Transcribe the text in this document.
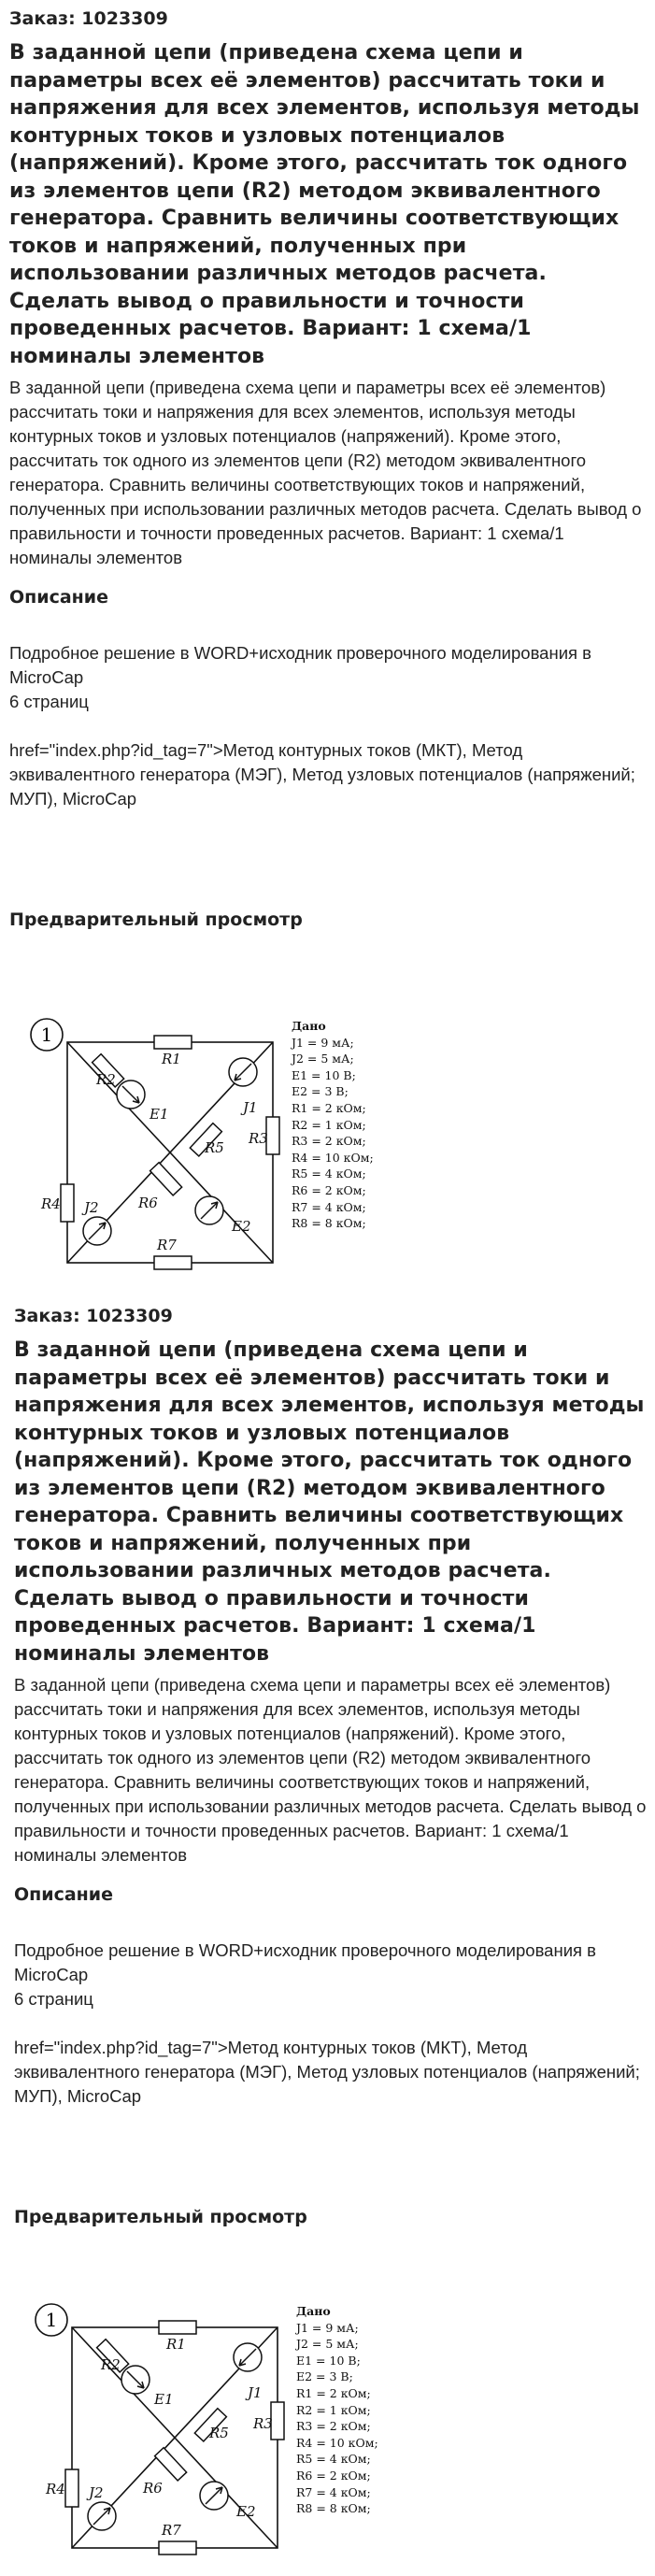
Заказ: 1023309
В заданной цепи (приведена схема цепи и параметры всех её элементов) рассчитать токи и напряжения для всех элементов, используя методы контурных токов и узловых потенциалов (напряжений). Кроме этого, рассчитать ток одного из элементов цепи (R2) методом эквивалентного генератора. Сравнить величины соответствующих токов и напряжений, полученных при использовании различных методов расчета. Сделать вывод о правильности и точности проведенных расчетов. Вариант: 1 схема/1 номиналы элементов
В заданной цепи (приведена схема цепи и параметры всех её элементов) рассчитать токи и напряжения для всех элементов, используя методы контурных токов и узловых потенциалов (напряжений). Кроме этого, рассчитать ток одного из элементов цепи (R2) методом эквивалентного генератора. Сравнить величины соответствующих токов и напряжений, полученных при использовании различных методов расчета. Сделать вывод о правильности и точности проведенных расчетов. Вариант: 1 схема/1 номиналы элементов
Описание
Подробное решение в WORD+исходник проверочного моделирования в MicroCap
6 страниц
href="index.php?id_tag=7">Метод контурных токов (МКТ), Метод эквивалентного генератора (МЭГ), Метод узловых потенциалов (напряжений; МУП), MicroCap
Предварительный просмотр
1
R2
R1
E1	J1
R4
R5
R3
J2	R6
E2
R7
Дано
J1 = 9 мА;
J2 = 5 мА;
E1 = 10 В;
E2 = 3 В;
R1 = 2 кОм;
R2 = 1 кОм;
R3 = 2 кОм;
R4 = 10 кОм;
R5 = 4 кОм;
R6 = 2 кОм;
R7 = 4 кОм;
R8 = 8 кОм;
Заказ: 1023309
В заданной цепи (приведена схема цепи и параметры всех её элементов) рассчитать токи и напряжения для всех элементов, используя методы контурных токов и узловых потенциалов (напряжений). Кроме этого, рассчитать ток одного из элементов цепи (R2) методом эквивалентного генератора. Сравнить величины соответствующих токов и напряжений, полученных при использовании различных методов расчета. Сделать вывод о правильности и точности проведенных расчетов. Вариант: 1 схема/1 номиналы элементов
В заданной цепи (приведена схема цепи и параметры всех её элементов) рассчитать токи и напряжения для всех элементов, используя методы контурных токов и узловых потенциалов (напряжений). Кроме этого, рассчитать ток одного из элементов цепи (R2) методом эквивалентного генератора. Сравнить величины соответствующих токов и напряжений, полученных при использовании различных методов расчета. Сделать вывод о правильности и точности проведенных расчетов. Вариант: 1 схема/1 номиналы элементов
Описание
Подробное решение в WORD+исходник проверочного моделирования в MicroCap
6 страниц
href="index.php?id_tag=7">Метод контурных токов (МКТ), Метод эквивалентного генератора (МЭГ), Метод узловых потенциалов (напряжений; МУП), MicroCap
Предварительный просмотр
1
R2
R1
E1	J1
R4
R5
R3
J2	R6
E2
R7
Дано
J1 = 9 мА;
J2 = 5 мА;
E1 = 10 В;
E2 = 3 В;
R1 = 2 кОм;
R2 = 1 кОм;
R3 = 2 кОм;
R4 = 10 кОм;
R5 = 4 кОм;
R6 = 2 кОм;
R7 = 4 кОм;
R8 = 8 кОм;
